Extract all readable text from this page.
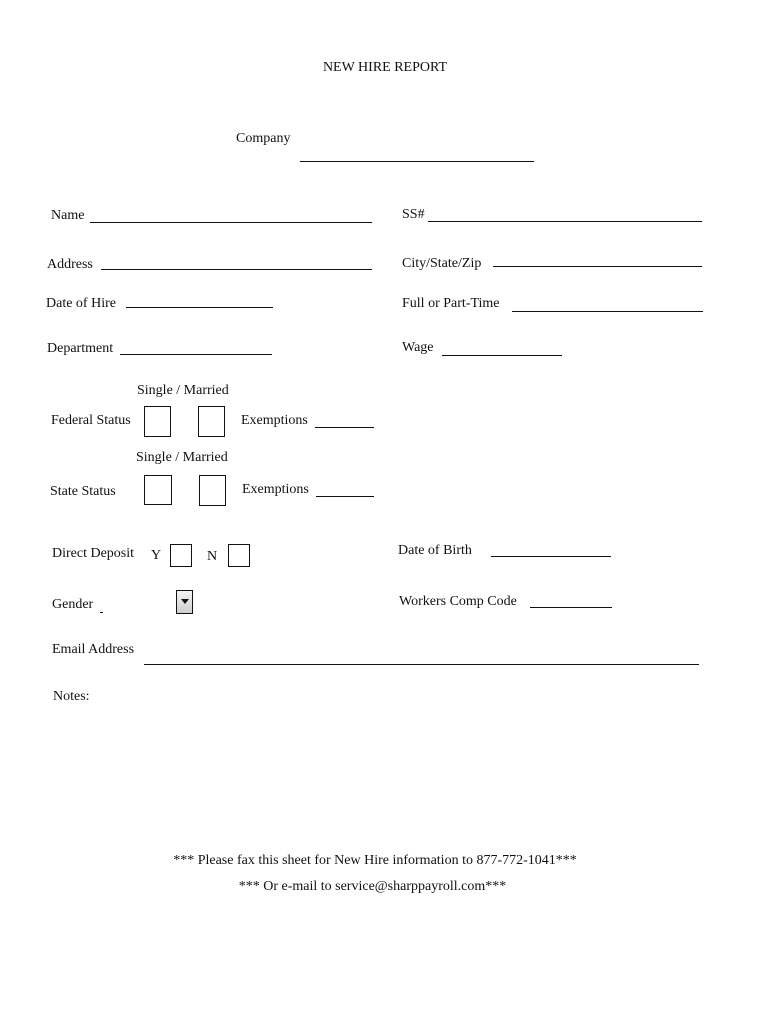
NEW HIRE REPORT
Company
Name	SS#
Address	City/State/Zip
Date of Hire	Full or Part-Time
Department	Wage
Single / Married
Federal Status	Exemptions
Single / Married
State Status	Exemptions
Direct Deposit Y	N	Date of Birth
Gender	Workers Comp Code
Email Address
Notes:
*** Please fax this sheet for New Hire information to 877-772-1041***
*** Or e-mail to service@sharppayroll.com***
